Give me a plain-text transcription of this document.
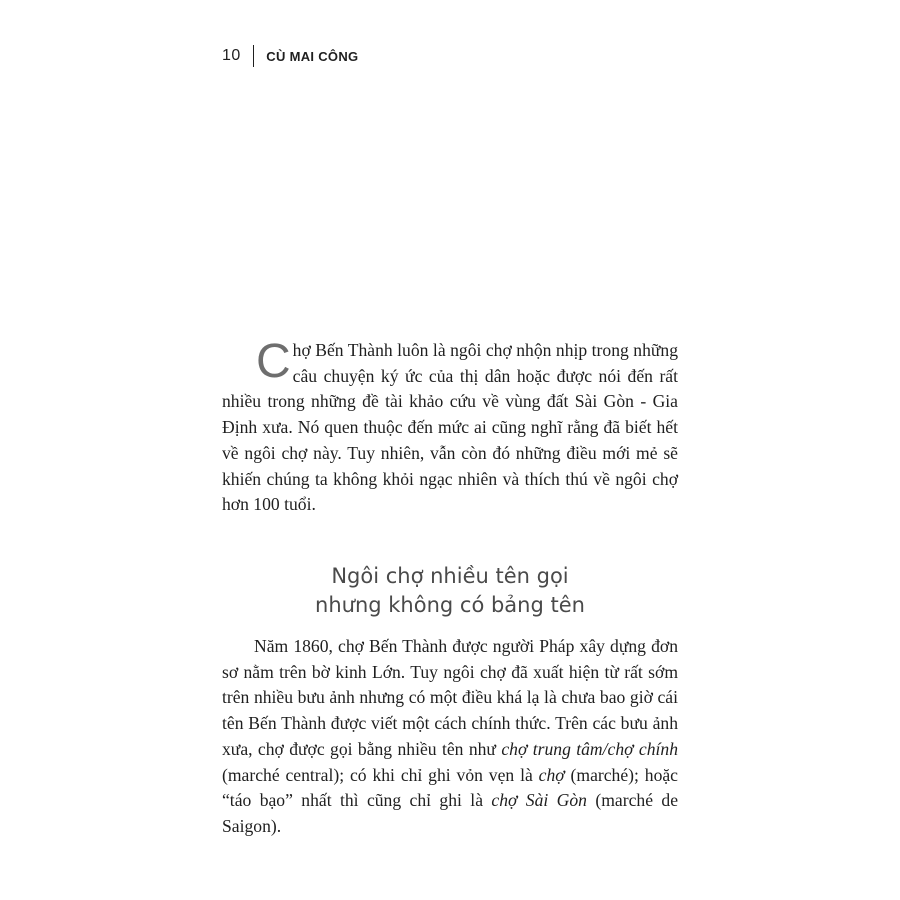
10 CÙ MAI CÔNG

Chợ Bến Thành luôn là ngôi chợ nhộn nhịp trong những câu chuyện ký ức của thị dân hoặc được nói đến rất nhiều trong những đề tài khảo cứu về vùng đất Sài Gòn - Gia Định xưa. Nó quen thuộc đến mức ai cũng nghĩ rằng đã biết hết về ngôi chợ này. Tuy nhiên, vẫn còn đó những điều mới mẻ sẽ khiến chúng ta không khỏi ngạc nhiên và thích thú về ngôi chợ hơn 100 tuổi.

Ngôi chợ nhiều tên gọi
nhưng không có bảng tên

Năm 1860, chợ Bến Thành được người Pháp xây dựng đơn sơ nằm trên bờ kinh Lớn. Tuy ngôi chợ đã xuất hiện từ rất sớm trên nhiều bưu ảnh nhưng có một điều khá lạ là chưa bao giờ cái tên Bến Thành được viết một cách chính thức. Trên các bưu ảnh xưa, chợ được gọi bằng nhiều tên như chợ trung tâm/chợ chính (marché central); có khi chỉ ghi vỏn vẹn là chợ (marché); hoặc “táo bạo” nhất thì cũng chỉ ghi là chợ Sài Gòn (marché de Saigon).
